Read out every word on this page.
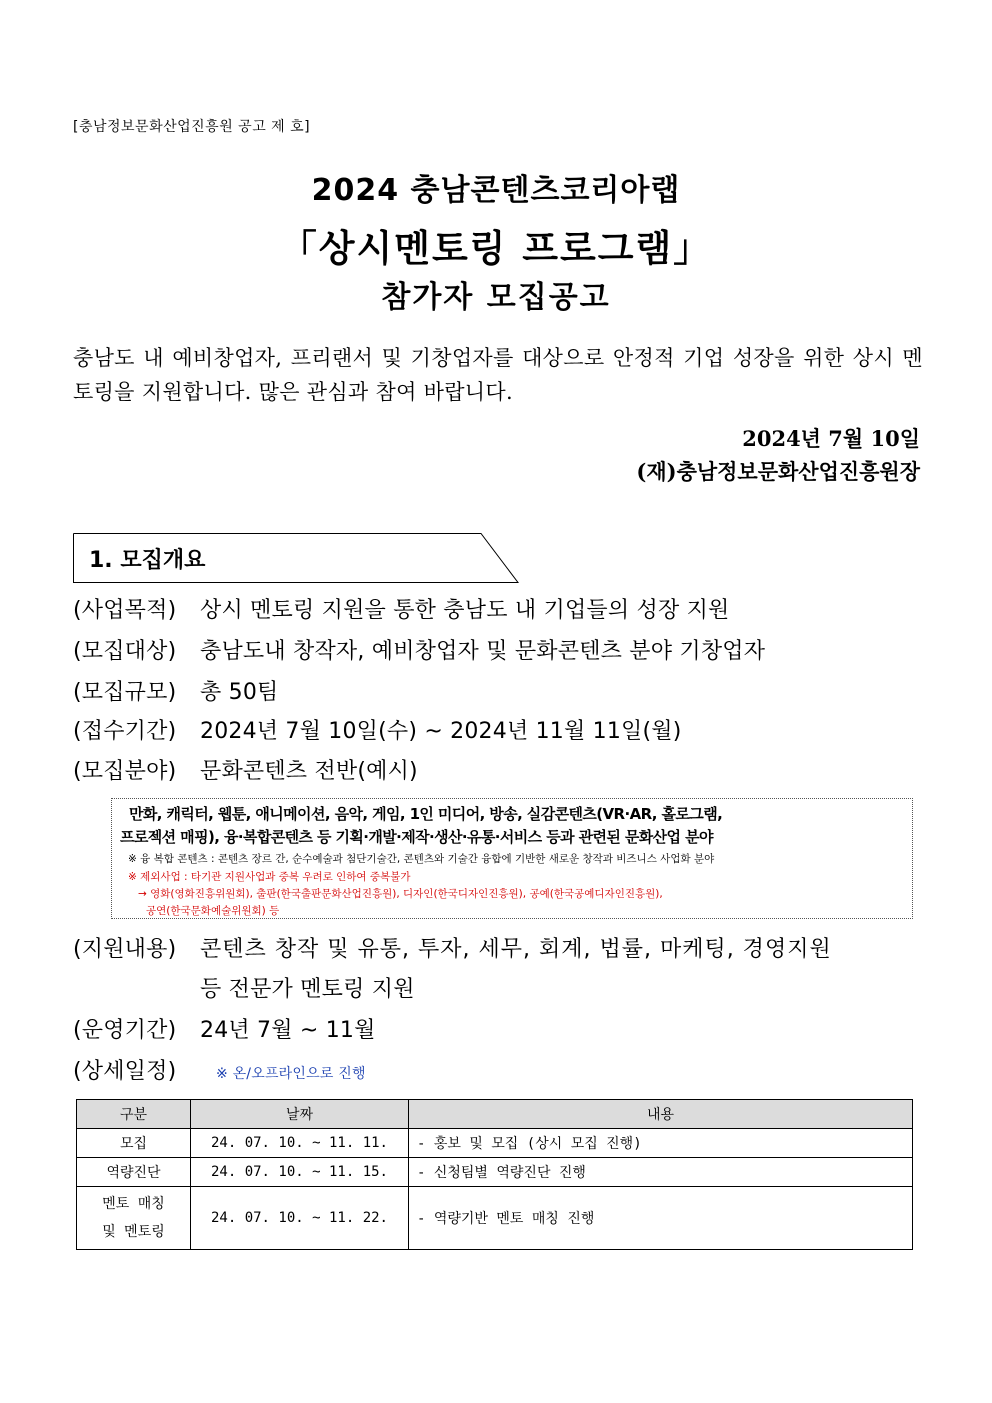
[충남정보문화산업진흥원 공고 제 호]
2024 충남콘텐츠코리아랩
「상시멘토링 프로그램」
참가자 모집공고
충남도 내 예비창업자, 프리랜서 및 기창업자를 대상으로 안정적 기업 성장을 위한 상시 멘토링을 지원합니다. 많은 관심과 참여 바랍니다.
2024년 7월 10일
(재)충남정보문화산업진흥원장
1. 모집개요
(사업목적) 상시 멘토링 지원을 통한 충남도 내 기업들의 성장 지원
(모집대상) 충남도내 창작자, 예비창업자 및 문화콘텐츠 분야 기창업자
(모집규모) 총 50팀
(접수기간) 2024년 7월 10일(수) ~ 2024년 11월 11일(월)
(모집분야) 문화콘텐츠 전반(예시)
만화, 캐릭터, 웹툰, 애니메이션, 음악, 게임, 1인 미디어, 방송, 실감콘텐츠(VR·AR, 홀로그램,
프로젝션 매핑), 융·복합콘텐츠 등 기획·개발·제작·생산·유통·서비스 등과 관련된 문화산업 분야
※ 융 복합 콘텐츠 : 콘텐츠 장르 간, 순수예술과 첨단기술간, 콘텐츠와 기술간 융합에 기반한 새로운 창작과 비즈니스 사업화 분야
※ 제외사업 : 타기관 지원사업과 중복 우려로 인하여 중복불가
→ 영화(영화진흥위원회), 출판(한국출판문화산업진흥원), 디자인(한국디자인진흥원), 공예(한국공예디자인진흥원),
공연(한국문화예술위원회) 등
(지원내용) 콘텐츠 창작 및 유통, 투자, 세무, 회계, 법률, 마케팅, 경영지원
등 전문가 멘토링 지원
(운영기간) 24년 7월 ~ 11월
(상세일정)	※ 온/오프라인으로 진행
구분	날짜	내용
모집	24. 07. 10. ~ 11. 11.	- 홍보 및 모집 (상시 모집 진행)
역량진단	24. 07. 10. ~ 11. 15.	- 신청팀별 역량진단 진행

멘토 매칭
및 멘토링	24. 07. 10. ~ 11. 22.	- 역량기반 멘토 매칭 진행
